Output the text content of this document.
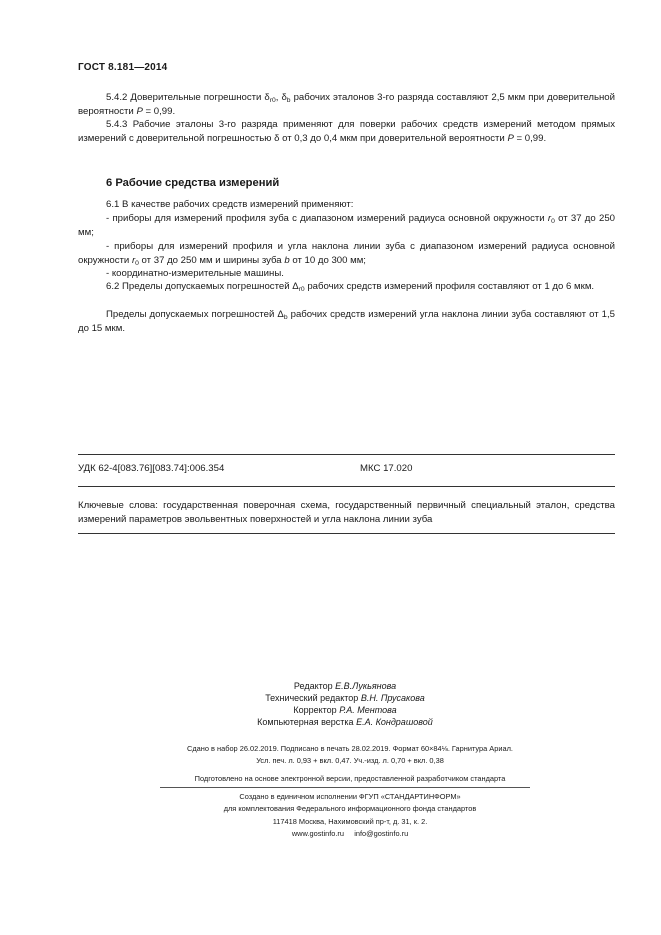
ГОСТ 8.181—2014
5.4.2 Доверительные погрешности $\delta_{r0}$, $\delta_b$ рабочих эталонов 3-го разряда составляют 2,5 мкм при доверительной вероятности P = 0,99.
5.4.3 Рабочие эталоны 3-го разряда применяют для поверки рабочих средств измерений методом прямых измерений с доверительной погрешностью δ от 0,3 до 0,4 мкм при доверительной вероятности P = 0,99.
6 Рабочие средства измерений
6.1 В качестве рабочих средств измерений применяют:
- приборы для измерений профиля зуба с диапазоном измерений радиуса основной окружности $r_0$ от 37 до 250 мм;
- приборы для измерений профиля и угла наклона линии зуба с диапазоном измерений радиуса основной окружности $r_0$ от 37 до 250 мм и ширины зуба b от 10 до 300 мм;
- координатно-измерительные машины.
6.2 Пределы допускаемых погрешностей $\Delta_{r0}$ рабочих средств измерений профиля составляют от 1 до 6 мкм.
Пределы допускаемых погрешностей $\Delta_b$ рабочих средств измерений угла наклона линии зуба составляют от 1,5 до 15 мкм.
УДК 62-4[083.76][083.74]:006.354	МКС 17.020
Ключевые слова: государственная поверочная схема, государственный первичный специальный эталон, средства измерений параметров эвольвентных поверхностей и угла наклона линии зуба
Редактор Е.В.Лукьянова
Технический редактор В.Н. Прусакова
Корректор Р.А. Ментова
Компьютерная верстка Е.А. Кондрашовой
Сдано в набор 26.02.2019. Подписано в печать 28.02.2019. Формат 60×84⅛. Гарнитура Ариал.
Усл. печ. л. 0,93 + вкл. 0,47. Уч.-изд. л. 0,70 + вкл. 0,38
Подготовлено на основе электронной версии, предоставленной разработчиком стандарта
Создано в единичном исполнении ФГУП «СТАНДАРТИНФОРМ»
для комплектования Федерального информационного фонда стандартов
117418 Москва, Нахимовский пр-т, д. 31, к. 2.
www.gostinfo.ru     info@gostinfo.ru
